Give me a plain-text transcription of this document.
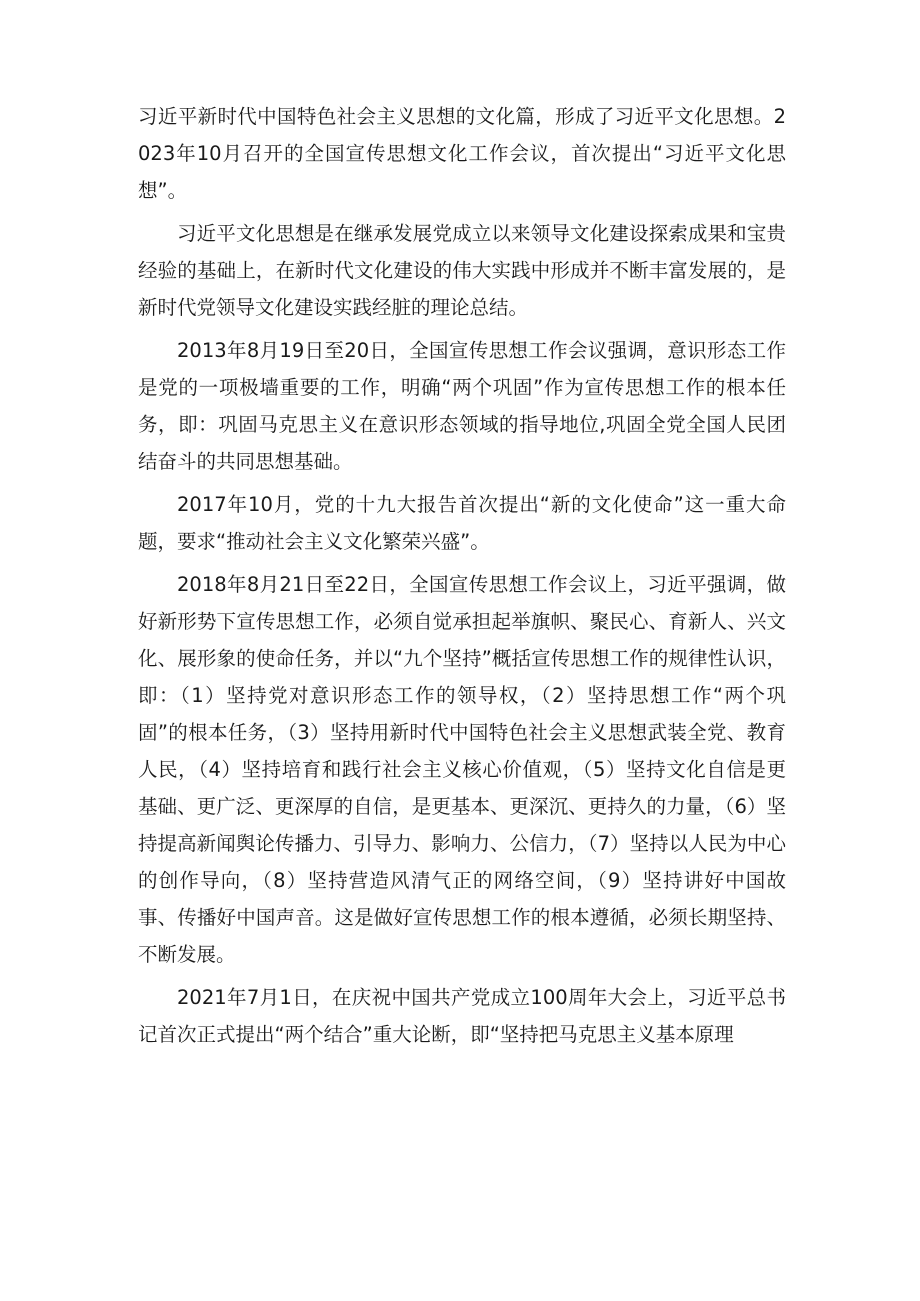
习近平新时代中国特色社会主义思想的文化篇，形成了习近平文化思想。2023年10月召开的全国宣传思想文化工作会议，首次提出“习近平文化思想”。

习近平文化思想是在继承发展党成立以来领导文化建设探索成果和宝贵经验的基础上，在新时代文化建设的伟大实践中形成并不断丰富发展的，是新时代党领导文化建设实践经脏的理论总结。

2013年8月19日至20日，全国宣传思想工作会议强调，意识形态工作是党的一项极墙重要的工作，明确“两个巩固”作为宣传思想工作的根本任务，即：巩固马克思主义在意识形态领域的指导地位,巩固全党全国人民团结奋斗的共同思想基础。

2017年10月，党的十九大报告首次提出“新的文化使命”这一重大命题，要求“推动社会主义文化繁荣兴盛”。

2018年8月21日至22日，全国宣传思想工作会议上，习近平强调，做好新形势下宣传思想工作，必须自觉承担起举旗帜、聚民心、育新人、兴文化、展形象的使命任务，并以“九个坚持”概括宣传思想工作的规律性认识，即：（1）坚持党对意识形态工作的领导权，（2）坚持思想工作“两个巩固”的根本任务，（3）坚持用新时代中国特色社会主义思想武装全党、教育人民，（4）坚持培育和践行社会主义核心价值观，（5）坚持文化自信是更基础、更广泛、更深厚的自信，是更基本、更深沉、更持久的力量，（6）坚持提高新闻舆论传播力、引导力、影响力、公信力，（7）坚持以人民为中心的创作导向，（8）坚持营造风清气正的网络空间，（9）坚持讲好中国故事、传播好中国声音。这是做好宣传思想工作的根本遵循，必须长期坚持、不断发展。

2021年7月1日，在庆祝中国共产党成立100周年大会上，习近平总书记首次正式提出“两个结合”重大论断，即“坚持把马克思主义基本原理
